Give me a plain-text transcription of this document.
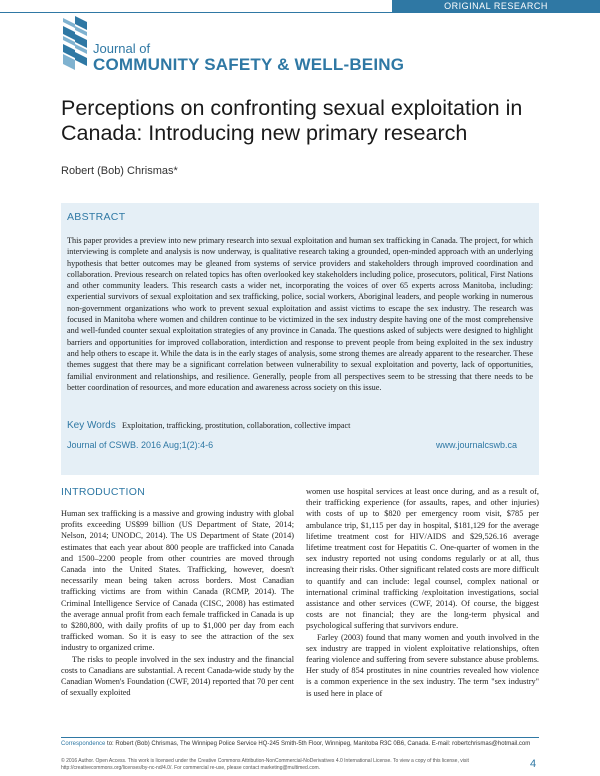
ORIGINAL RESEARCH
Journal of
COMMUNITY SAFETY & WELL-BEING
Perceptions on confronting sexual exploitation in Canada: Introducing new primary research
Robert (Bob) Chrismas*
ABSTRACT
This paper provides a preview into new primary research into sexual exploitation and human sex trafficking in Canada. The project, for which interviewing is complete and analysis is now underway, is qualitative research taking a grounded, open-minded approach with an underlying hypothesis that better outcomes may be gleaned from systems of service providers and stakeholders through improved coordination and collaboration. Previous research on related topics has often overlooked key stakeholders including police, prosecutors, political, First Nations and other community leaders. This research casts a wider net, incorporating the voices of over 65 experts across Manitoba, including: experiential survivors of sexual exploitation and sex trafficking, police, social workers, Aboriginal leaders, and people working in numerous non-government organizations who work to prevent sexual exploitation and assist victims to escape the sex industry. The research was focused in Manitoba where women and children continue to be victimized in the sex industry despite having one of the most comprehensive and well-funded counter sexual exploitation strategies of any province in Canada. The questions asked of subjects were designed to highlight barriers and opportunities for improved collaboration, interdiction and response to prevent people from being exploited in the sex industry and help others to escape it. While the data is in the early stages of analysis, some strong themes are already apparent to the researcher. These themes suggest that there may be a significant correlation between vulnerability to sexual exploitation and poverty, lack of opportunities, familial environment and relationships, and resilience. Generally, people from all perspectives seem to be stressing that there needs to be better coordination of resources, and more education and awareness across society on this issue.
Key Words Exploitation, trafficking, prostitution, collaboration, collective impact
Journal of CSWB. 2016 Aug;1(2):4-6	www.journalcswb.ca
INTRODUCTION

Human sex trafficking is a massive and growing industry with global profits exceeding US$99 billion (US Department of State, 2014; Nelson, 2014; UNODC, 2014). The US Department of State (2014) estimates that each year about 800 people are trafficked into Canada and 1500–2200 people from other countries are moved through Canada into the United States. Trafficking, however, doesn't necessarily mean being taken across borders. Most Canadian trafficking victims are from within Canada (RCMP, 2014). The Criminal Intelligence Service of Canada (CISC, 2008) has estimated the average annual profit from each female trafficked in Canada is up to $280,800, with daily profits of up to $1,000 per day from each trafficked woman. So it is easy to see the attraction of the sex industry to organized crime.

The risks to people involved in the sex industry and the financial costs to Canadians are substantial. A recent Canada-wide study by the Canadian Women's Foundation (CWF, 2014) reported that 70 per cent of sexually exploited

women use hospital services at least once during, and as a result of, their trafficking experience (for assaults, rapes, and other injuries) with costs of up to $820 per emergency room visit, $785 per ambulance trip, $1,115 per day in hospital, $181,129 for the average lifetime treatment cost for HIV/AIDS and $29,526.16 average lifetime treatment cost for Hepatitis C. One-quarter of women in the sex industry reported not using condoms regularly or at all, thus increasing their risks. Other significant related costs are more difficult to quantify and can include: legal counsel, complex national or international criminal trafficking /exploitation investigations, social assistance and other services (CWF, 2014). Of course, the biggest costs are not financial; they are the long-term physical and psychological suffering that survivors endure.

Farley (2003) found that many women and youth involved in the sex industry are trapped in violent exploitative relationships, often fearing violence and suffering from severe substance abuse problems. Her study of 854 prostitutes in nine countries revealed how violence is a common experience in the sex industry. The term "sex industry" is used here in place of

Correspondence to: Robert (Bob) Chrismas, The Winnipeg Police Service HQ-245 Smith-5th Floor, Winnipeg, Manitoba R3C 0B6, Canada. E-mail: robertchrismas@hotmail.com
© 2016 Author. Open Access. This work is licensed under the Creative Commons Attribution-NonCommercial-NoDerivatives 4.0 International License. To view a copy of this license, visit http://creativecommons.org/licenses/by-nc-nd/4.0/. For commercial re-use, please contact marketing@multimed.com.	4
